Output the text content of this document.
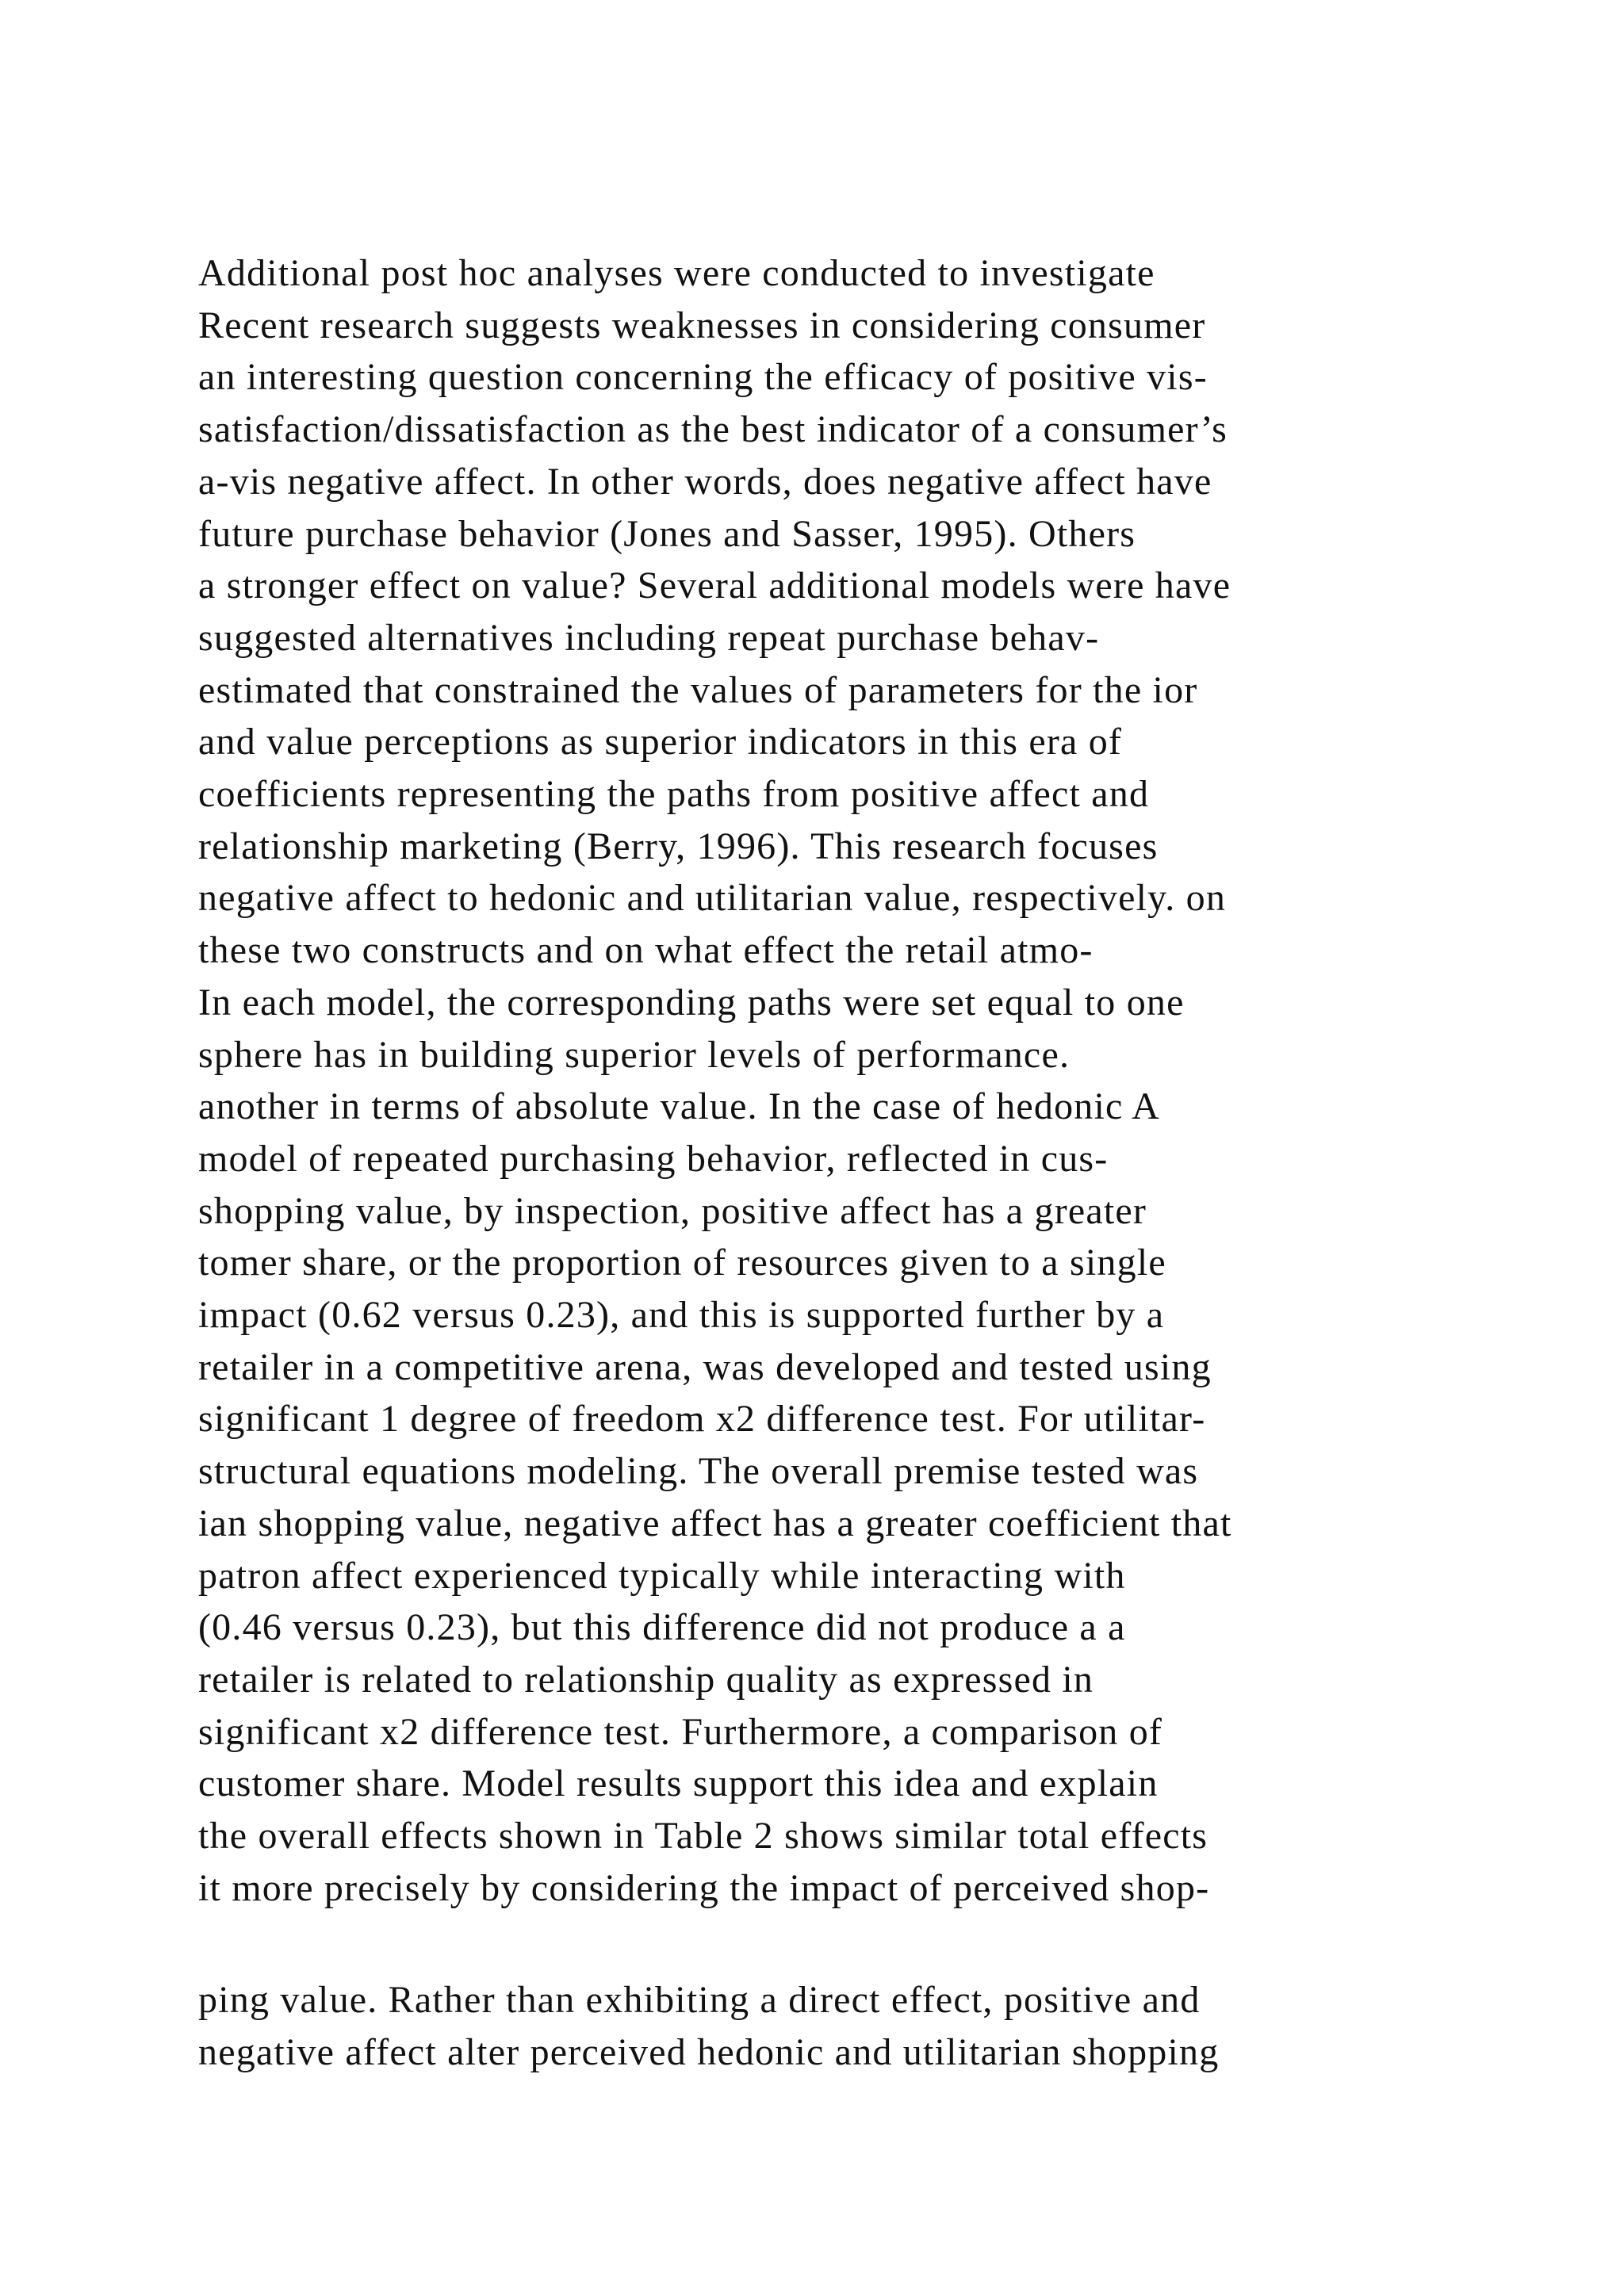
Additional post hoc analyses were conducted to investigate
Recent research suggests weaknesses in considering consumer
an interesting question concerning the efficacy of positive vis-
satisfaction/dissatisfaction as the best indicator of a consumer’s
a-vis negative affect. In other words, does negative affect have
future purchase behavior (Jones and Sasser, 1995). Others
a stronger effect on value? Several additional models were have
suggested alternatives including repeat purchase behav-
estimated that constrained the values of parameters for the ior
and value perceptions as superior indicators in this era of
coefficients representing the paths from positive affect and
relationship marketing (Berry, 1996). This research focuses
negative affect to hedonic and utilitarian value, respectively. on
these two constructs and on what effect the retail atmo-
In each model, the corresponding paths were set equal to one
sphere has in building superior levels of performance.
another in terms of absolute value. In the case of hedonic A
model of repeated purchasing behavior, reflected in cus-
shopping value, by inspection, positive affect has a greater
tomer share, or the proportion of resources given to a single
impact (0.62 versus 0.23), and this is supported further by a
retailer in a competitive arena, was developed and tested using
significant 1 degree of freedom x2 difference test. For utilitar-
structural equations modeling. The overall premise tested was
ian shopping value, negative affect has a greater coefficient that
patron affect experienced typically while interacting with
(0.46 versus 0.23), but this difference did not produce a a
retailer is related to relationship quality as expressed in
significant x2 difference test. Furthermore, a comparison of
customer share. Model results support this idea and explain
the overall effects shown in Table 2 shows similar total effects
it more precisely by considering the impact of perceived shop-
ping value. Rather than exhibiting a direct effect, positive and
negative affect alter perceived hedonic and utilitarian shopping
